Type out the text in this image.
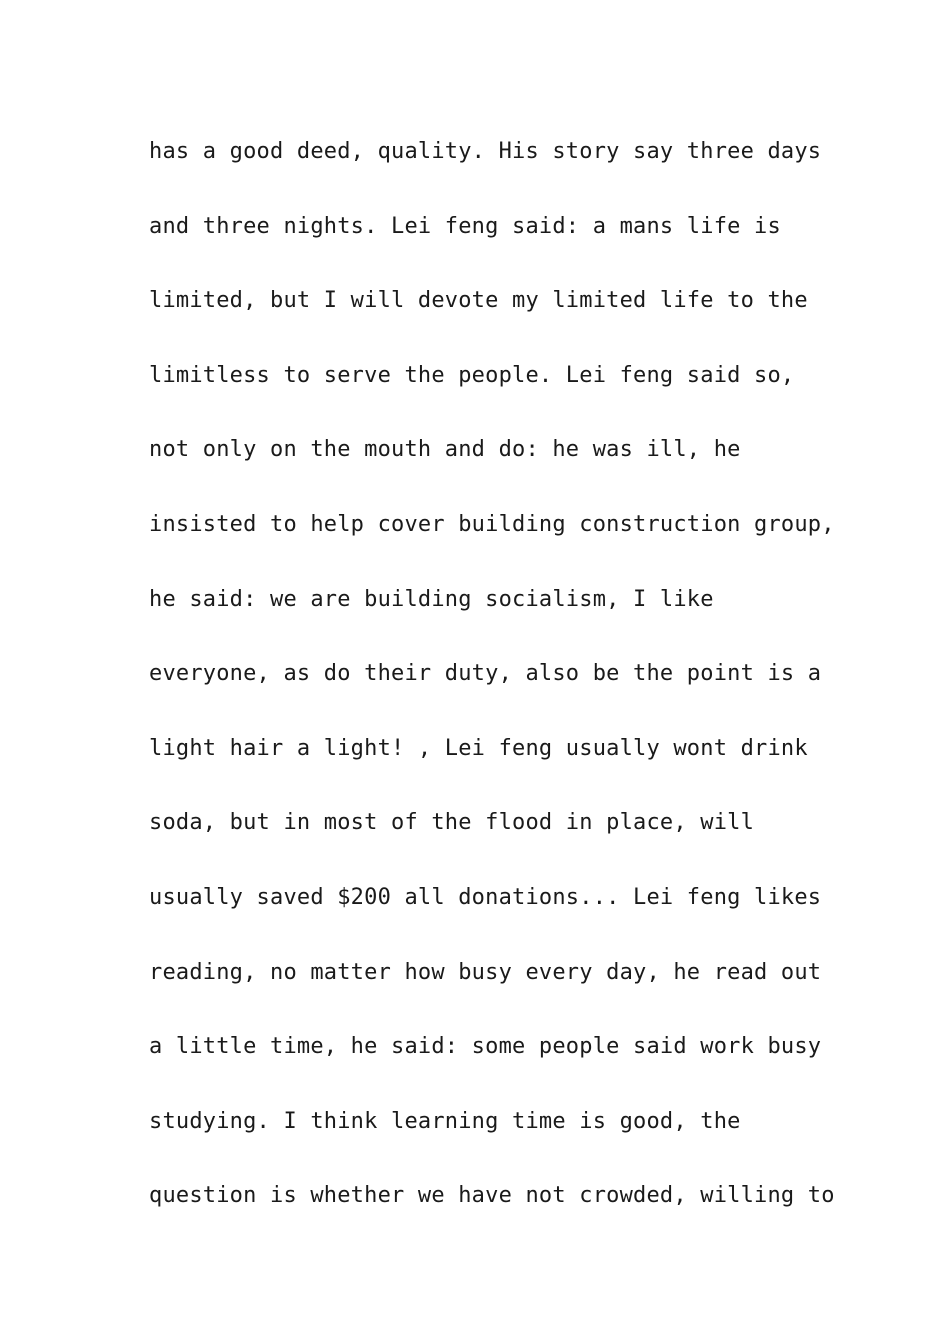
has a good deed, quality. His story say three days
and three nights. Lei feng said: a mans life is
limited, but I will devote my limited life to the
limitless to serve the people. Lei feng said so,
not only on the mouth and do: he was ill, he
insisted to help cover building construction group,
he said: we are building socialism, I like
everyone, as do their duty, also be the point is a
light hair a light! , Lei feng usually wont drink
soda, but in most of the flood in place, will
usually saved $200 all donations... Lei feng likes
reading, no matter how busy every day, he read out
a little time, he said: some people said work busy
studying. I think learning time is good, the
question is whether we have not crowded, willing to
